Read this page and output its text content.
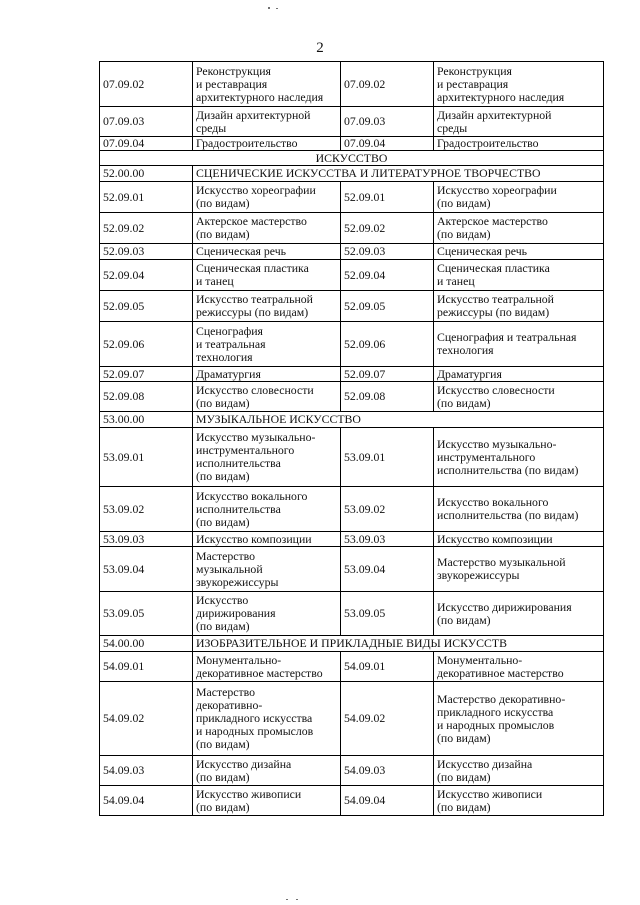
2
07.09.02	Реконструкция
и реставрация
архитектурного наследия	07.09.02	Реконструкция
и реставрация
архитектурного наследия
07.09.03	Дизайн архитектурной
среды	07.09.03	Дизайн архитектурной
среды
07.09.04	Градостроительство	07.09.04	Градостроительство
ИСКУССТВО			
52.00.00	СЦЕНИЧЕСКИЕ ИСКУССТВА И ЛИТЕРАТУРНОЕ ТВОРЧЕСТВО		
52.09.01	Искусство хореографии
(по видам)	52.09.01	Искусство хореографии
(по видам)
52.09.02	Актерское мастерство
(по видам)	52.09.02	Актерское мастерство
(по видам)
52.09.03	Сценическая речь	52.09.03	Сценическая речь
52.09.04	Сценическая пластика
и танец	52.09.04	Сценическая пластика
и танец
52.09.05	Искусство театральной
режиссуры (по видам)	52.09.05	Искусство театральной
режиссуры (по видам)
52.09.06	Сценография
и театральная
технология	52.09.06	Сценография и театральная
технология
52.09.07	Драматургия	52.09.07	Драматургия
52.09.08	Искусство словесности
(по видам)	52.09.08	Искусство словесности
(по видам)
53.00.00	МУЗЫКАЛЬНОЕ ИСКУССТВО		
53.09.01	Искусство музыкально-
инструментального
исполнительства
(по видам)	53.09.01	Искусство музыкально-
инструментального
исполнительства (по видам)
53.09.02	Искусство вокального
исполнительства
(по видам)	53.09.02	Искусство вокального
исполнительства (по видам)
53.09.03	Искусство композиции	53.09.03	Искусство композиции
53.09.04	Мастерство
музыкальной
звукорежиссуры	53.09.04	Мастерство музыкальной
звукорежиссуры
53.09.05	Искусство
дирижирования
(по видам)	53.09.05	Искусство дирижирования
(по видам)
54.00.00	ИЗОБРАЗИТЕЛЬНОЕ И ПРИКЛАДНЫЕ ВИДЫ ИСКУССТВ		
54.09.01	Монументально-
декоративное мастерство	54.09.01	Монументально-
декоративное мастерство
54.09.02	Мастерство
декоративно-
прикладного искусства
и народных промыслов
(по видам)	54.09.02	Мастерство декоративно-
прикладного искусства
и народных промыслов
(по видам)
54.09.03	Искусство дизайна
(по видам)	54.09.03	Искусство дизайна
(по видам)
54.09.04	Искусство живописи
(по видам)	54.09.04	Искусство живописи
(по видам)
